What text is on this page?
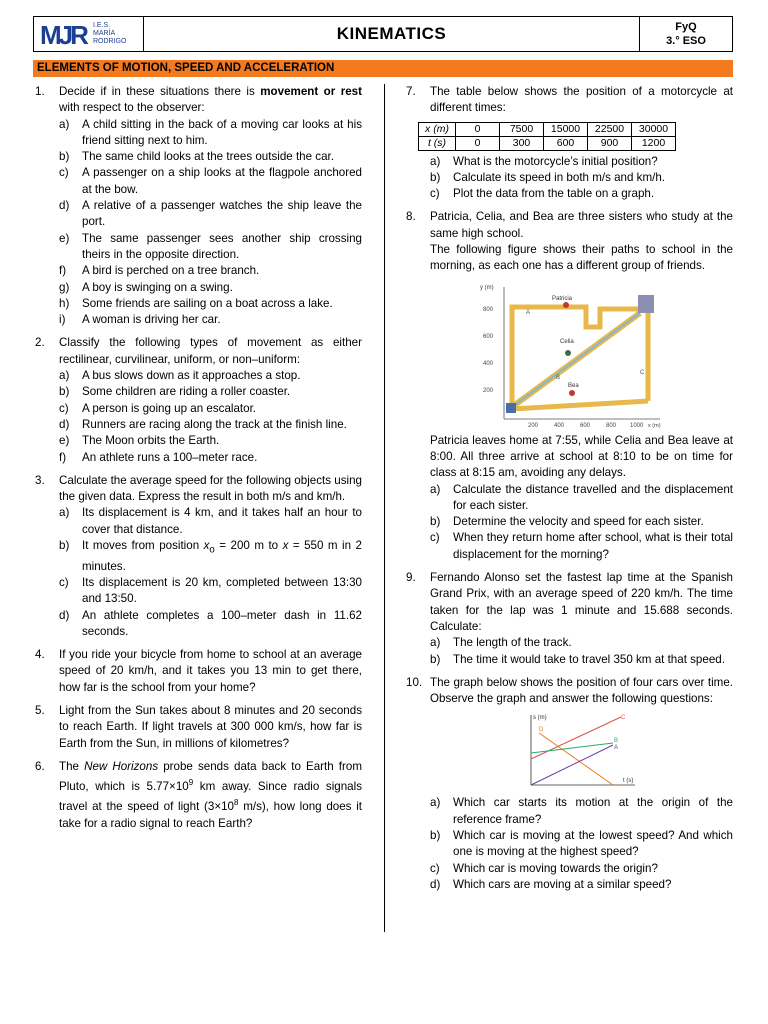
MJR	I.E.S.
MARÍA
RODRIGO	KINEMATICS	FyQ
3.° ESO
ELEMENTS OF MOTION, SPEED AND ACCELERATION
1. Decide if in these situations there is movement or rest with respect to the observer:
a) A child sitting in the back of a moving car looks at his friend sitting next to him.
b) The same child looks at the trees outside the car.
c) A passenger on a ship looks at the flagpole anchored at the bow.
d) A relative of a passenger watches the ship leave the port.
e) The same passenger sees another ship crossing theirs in the opposite direction.
f) A bird is perched on a tree branch.
g) A boy is swinging on a swing.
h) Some friends are sailing on a boat across a lake.
i) A woman is driving her car.
2. Classify the following types of movement as either rectilinear, curvilinear, uniform, or non–uniform:
a) A bus slows down as it approaches a stop.
b) Some children are riding a roller coaster.
c) A person is going up an escalator.
d) Runners are racing along the track at the finish line.
e) The Moon orbits the Earth.
f) An athlete runs a 100–meter race.
3. Calculate the average speed for the following objects using the given data. Express the result in both m/s and km/h.
a) Its displacement is 4 km, and it takes half an hour to cover that distance.
b) It moves from position $x_o = 200$ m to x = 550 m in 2 minutes.
c) Its displacement is 20 km, completed between 13:30 and 13:50.
d) An athlete completes a 100–meter dash in 11.62 seconds.
4. If you ride your bicycle from home to school at an average speed of 20 km/h, and it takes you 13 min to get there, how far is the school from your home?
5. Light from the Sun takes about 8 minutes and 20 seconds to reach Earth. If light travels at 300 000 km/s, how far is Earth from the Sun, in millions of kilometres?
6. The New Horizons probe sends data back to Earth from Pluto, which is $5.77\times 10^9$ km away. Since radio signals travel at the speed of light ($3\times 10^8$ m/s), how long does it take for a radio signal to reach Earth?
7. The table below shows the position of a motorcycle at different times:
x (m)	0	7500	15000	22500	30000
t (s)	0	300	600	900	1200
a) What is the motorcycle’s initial position?
b) Calculate its speed in both m/s and km/h.
c) Plot the data from the table on a graph.
8. Patricia, Celia, and Bea are three sisters who study at the same high school.
The following figure shows their paths to school in the morning, as each one has a different group of friends.
y (m)
800
600
400
200
200	400	600	800 1000 x (m)
Patricia
Celia
Bea
A
B
C
Patricia leaves home at 7:55, while Celia and Bea leave at 8:00. All three arrive at school at 8:10 to be on time for class at 8:15 am, avoiding any delays.
a) Calculate the distance travelled and the displacement for each sister.
b) Determine the velocity and speed for each sister.
c) When they return home after school, what is their total displacement for the morning?
9. Fernando Alonso set the fastest lap time at the Spanish Grand Prix, with an average speed of 220 km/h. The time taken for the lap was 1 minute and 15.688 seconds. Calculate:
a) The length of the track.
b) The time it would take to travel 350 km at that speed.
10. The graph below shows the position of four cars over time. Observe the graph and answer the following questions:
s (m)
t (s)
C
D
B
A
a) Which car starts its motion at the origin of the reference frame?
b) Which car is moving at the lowest speed? And which one is moving at the highest speed?
c) Which car is moving towards the origin?
d) Which cars are moving at a similar speed?
